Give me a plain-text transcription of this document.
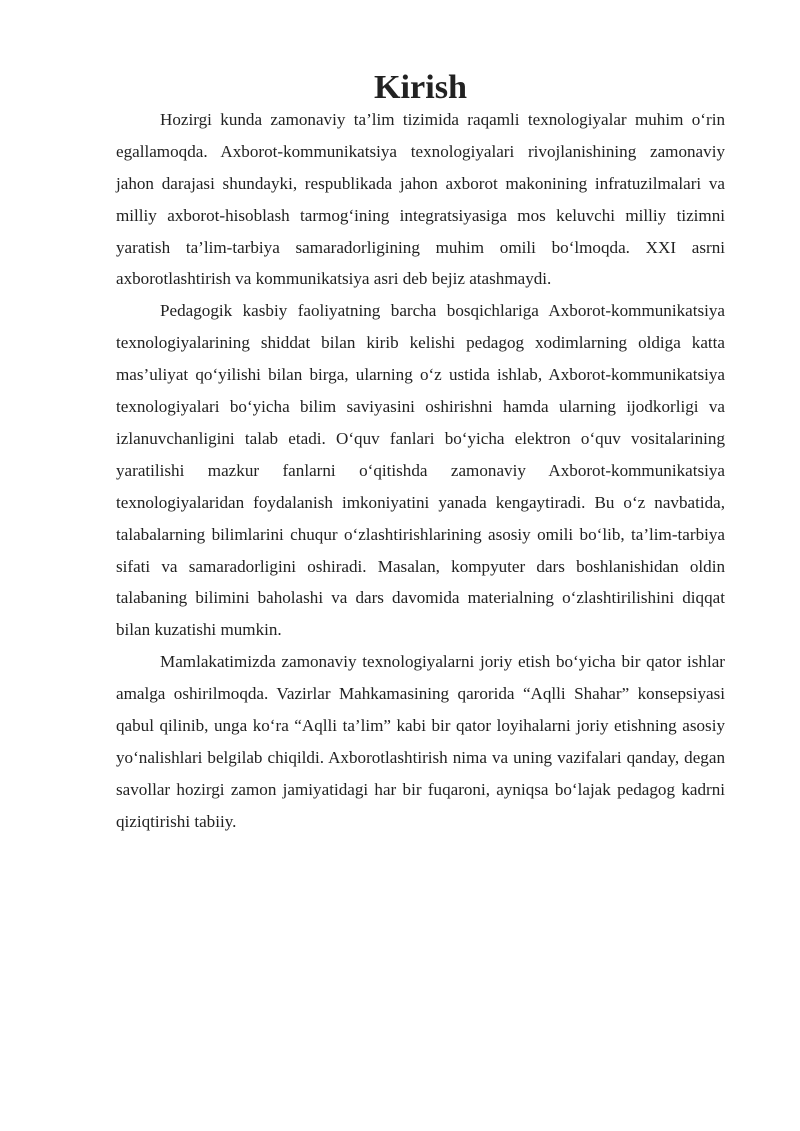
Kirish

Hozirgi kunda zamonaviy ta’lim tizimida raqamli texnologiyalar muhim o‘rin egallamoqda. Axborot-kommunikatsiya texnologiyalari rivojlanishining zamonaviy jahon darajasi shundayki, respublikada jahon axborot makonining infratuzilmalari va milliy axborot-hisoblash tarmog‘ining integratsiyasiga mos keluvchi milliy tizimni yaratish ta’lim-tarbiya samaradorligining muhim omili bo‘lmoqda. XXI asrni axborotlashtirish va kommunikatsiya asri deb bejiz atashmaydi.

Pedagogik kasbiy faoliyatning barcha bosqichlariga Axborot-kommunikatsiya texnologiyalarining shiddat bilan kirib kelishi pedagog xodimlarning oldiga katta mas’uliyat qo‘yilishi bilan birga, ularning o‘z ustida ishlab, Axborot-kommunikatsiya texnologiyalari bo‘yicha bilim saviyasini oshirishni hamda ularning ijodkorligi va izlanuvchanligini talab etadi. O‘quv fanlari bo‘yicha elektron o‘quv vositalarining yaratilishi mazkur fanlarni o‘qitishda zamonaviy Axborot-kommunikatsiya texnologiyalaridan foydalanish imkoniyatini yanada kengaytiradi. Bu o‘z navbatida, talabalarning bilimlarini chuqur o‘zlashtirishlarining asosiy omili bo‘lib, ta’lim-tarbiya sifati va samaradorligini oshiradi. Masalan, kompyuter dars boshlanishidan oldin talabaning bilimini baholashi va dars davomida materialning o‘zlashtirilishini diqqat bilan kuzatishi mumkin.

Mamlakatimizda zamonaviy texnologiyalarni joriy etish bo‘yicha bir qator ishlar amalga oshirilmoqda. Vazirlar Mahkamasining qarorida “Aqlli Shahar” konsepsiyasi qabul qilinib, unga ko‘ra “Aqlli ta’lim” kabi bir qator loyihalarni joriy etishning asosiy yo‘nalishlari belgilab chiqildi. Axborotlashtirish nima va uning vazifalari qanday, degan savollar hozirgi zamon jamiyatidagi har bir fuqaroni, ayniqsa bo‘lajak pedagog kadrni qiziqtirishi tabiiy.
